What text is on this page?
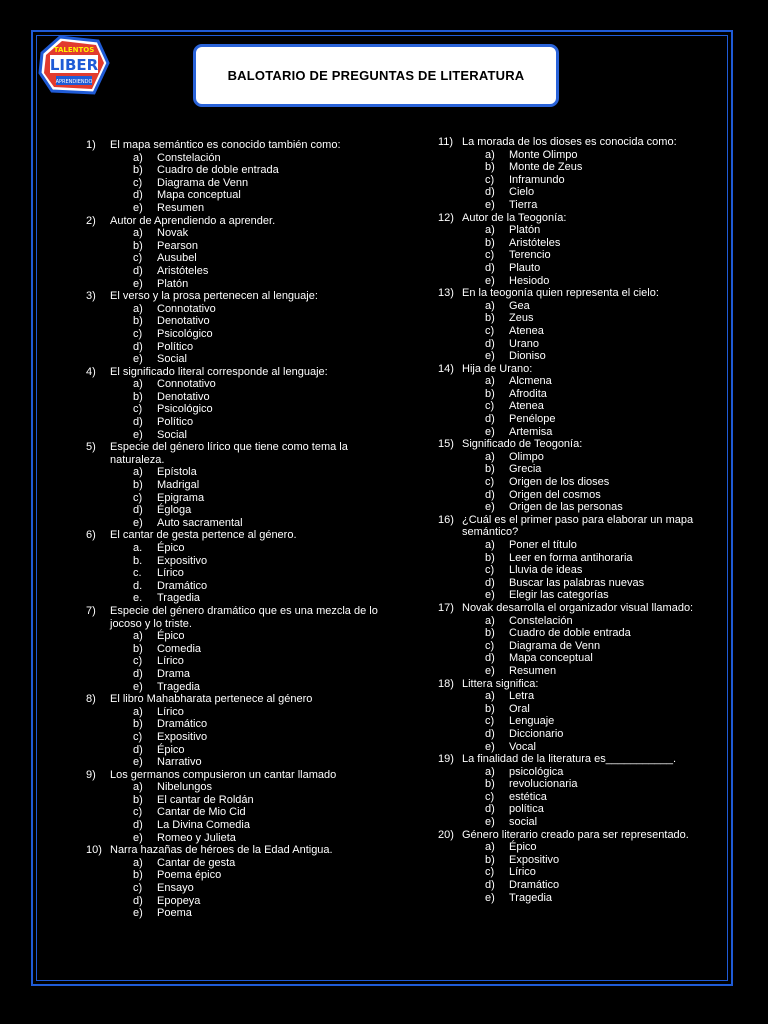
LIBER
TALENTOS
APRENDIENDO	BALOTARIO DE PREGUNTAS DE LITERATURA
1)	El mapa semántico es conocido también como:
a)	Constelación
b)	Cuadro de doble entrada
c)	Diagrama de Venn
d)	Mapa conceptual
e)	Resumen
2)	Autor de Aprendiendo a aprender.
a)	Novak
b)	Pearson
c)	Ausubel
d)	Aristóteles
e)	Platón
3)	El verso y la prosa pertenecen al lenguaje:
a)	Connotativo
b)	Denotativo
c)	Psicológico
d)	Político
e)	Social
4)	El significado literal corresponde al lenguaje:
a)	Connotativo
b)	Denotativo
c)	Psicológico
d)	Político
e)	Social
5)	Especie del género lírico que tiene como tema la naturaleza.
a)	Epístola
b)	Madrigal
c)	Epigrama
d)	Égloga
e)	Auto sacramental
6)	El cantar de gesta pertence al género.
a.	Épico
b.	Expositivo
c.	Lírico
d.	Dramático
e.	Tragedia
7)	Especie del género dramático que es una mezcla de lo jocoso y lo triste.
a)	Épico
b)	Comedia
c)	Lírico
d)	Drama
e)	Tragedia
8)	El libro Mahabharata pertenece al género
a)	Lírico
b)	Dramático
c)	Expositivo
d)	Épico
e)	Narrativo
9)	Los germanos compusieron un cantar llamado
a)	Nibelungos
b)	El cantar de Roldán
c)	Cantar de Mio Cid
d)	La Divina Comedia
e)	Romeo y Julieta
10) Narra hazañas de héroes de la Edad Antigua.
a)	Cantar de gesta
b)	Poema épico
c)	Ensayo
d)	Epopeya
e)	Poema
11) La morada de los dioses es conocida como:
a)	Monte Olimpo
b)	Monte de Zeus
c)	Inframundo
d)	Cielo
e)	Tierra
12) Autor de la Teogonía:
a)	Platón
b)	Aristóteles
c)	Terencio
d)	Plauto
e)	Hesiodo
13) En la teogonía quien representa el cielo:
a)	Gea
b)	Zeus
c)	Atenea
d)	Urano
e)	Dioniso
14) Hija de Urano:
a)	Alcmena
b)	Afrodita
c)	Atenea
d)	Penélope
e)	Artemisa
15) Significado de Teogonía:
a)	Olimpo
b)	Grecia
c)	Origen de los dioses
d)	Origen del cosmos
e)	Origen de las personas
16) ¿Cuál es el primer paso para elaborar un mapa semántico?
a)	Poner el título
b)	Leer en forma antihoraria
c)	Lluvia de ideas
d)	Buscar las palabras nuevas
e)	Elegir las categorías
17) Novak desarrolla el organizador visual llamado:
a)	Constelación
b)	Cuadro de doble entrada
c)	Diagrama de Venn
d)	Mapa conceptual
e)	Resumen
18) Littera significa:
a)	Letra
b)	Oral
c)	Lenguaje
d)	Diccionario
e)	Vocal
19) La finalidad de la literatura es___________.
a)	psicológica
b)	revolucionaria
c)	estética
d)	política
e)	social
20) Género literario creado para ser representado.
a)	Épico
b)	Expositivo
c)	Lírico
d)	Dramático
e)	Tragedia
